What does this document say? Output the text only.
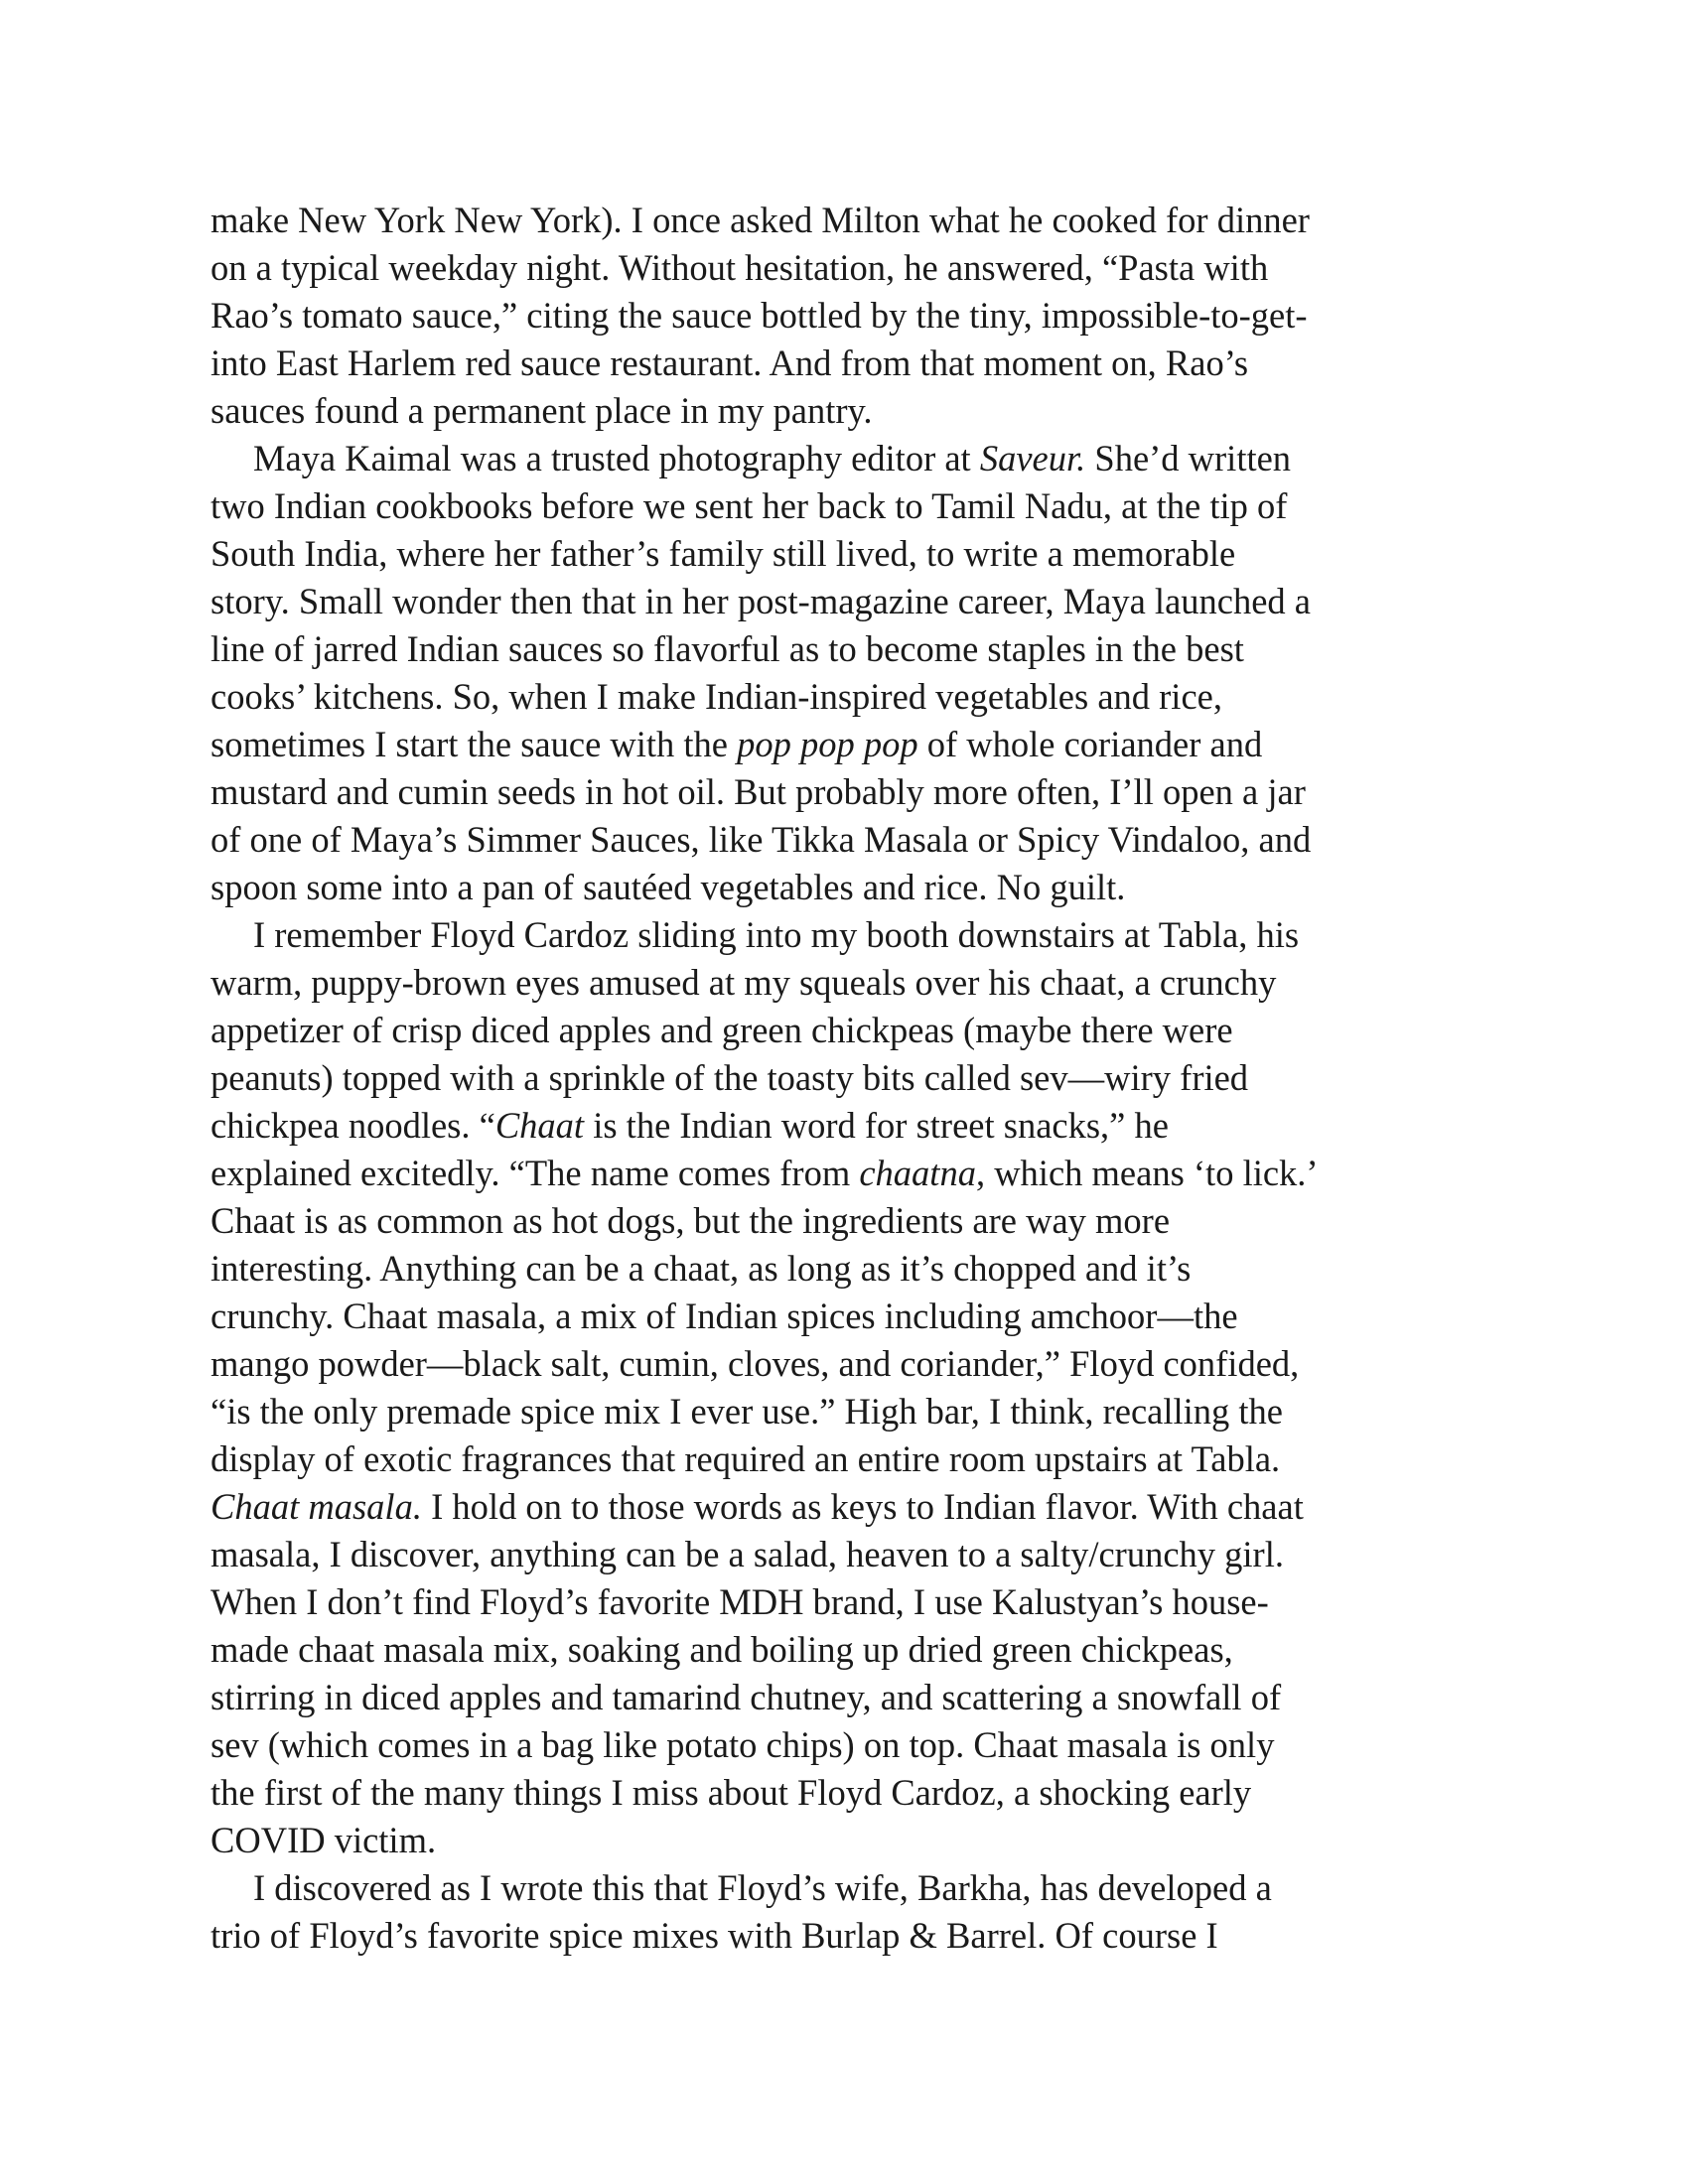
make New York New York). I once asked Milton what he cooked for dinner
on a typical weekday night. Without hesitation, he answered, “Pasta with
Rao’s tomato sauce,” citing the sauce bottled by the tiny, impossible-to-get-
into East Harlem red sauce restaurant. And from that moment on, Rao’s
sauces found a permanent place in my pantry.
Maya Kaimal was a trusted photography editor at Saveur. She’d written
two Indian cookbooks before we sent her back to Tamil Nadu, at the tip of
South India, where her father’s family still lived, to write a memorable
story. Small wonder then that in her post-magazine career, Maya launched a
line of jarred Indian sauces so flavorful as to become staples in the best
cooks’ kitchens. So, when I make Indian-inspired vegetables and rice,
sometimes I start the sauce with the pop pop pop of whole coriander and
mustard and cumin seeds in hot oil. But probably more often, I’ll open a jar
of one of Maya’s Simmer Sauces, like Tikka Masala or Spicy Vindaloo, and
spoon some into a pan of sautéed vegetables and rice. No guilt.
I remember Floyd Cardoz sliding into my booth downstairs at Tabla, his
warm, puppy-brown eyes amused at my squeals over his chaat, a crunchy
appetizer of crisp diced apples and green chickpeas (maybe there were
peanuts) topped with a sprinkle of the toasty bits called sev—wiry fried
chickpea noodles. “Chaat is the Indian word for street snacks,” he
explained excitedly. “The name comes from chaatna, which means ‘to lick.’
Chaat is as common as hot dogs, but the ingredients are way more
interesting. Anything can be a chaat, as long as it’s chopped and it’s
crunchy. Chaat masala, a mix of Indian spices including amchoor—the
mango powder—black salt, cumin, cloves, and coriander,” Floyd confided,
“is the only premade spice mix I ever use.” High bar, I think, recalling the
display of exotic fragrances that required an entire room upstairs at Tabla.
Chaat masala. I hold on to those words as keys to Indian flavor. With chaat
masala, I discover, anything can be a salad, heaven to a salty/crunchy girl.
When I don’t find Floyd’s favorite MDH brand, I use Kalustyan’s house-
made chaat masala mix, soaking and boiling up dried green chickpeas,
stirring in diced apples and tamarind chutney, and scattering a snowfall of
sev (which comes in a bag like potato chips) on top. Chaat masala is only
the first of the many things I miss about Floyd Cardoz, a shocking early
COVID victim.
I discovered as I wrote this that Floyd’s wife, Barkha, has developed a
trio of Floyd’s favorite spice mixes with Burlap & Barrel. Of course I
